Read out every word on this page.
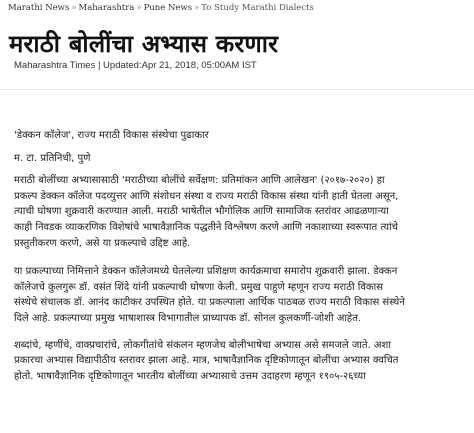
Marathi News » Maharashtra » Pune News » To Study Marathi Dialects
मराठी बोलींचा अभ्यास करणार
Maharashtra Times | Updated:Apr 21, 2018, 05:00AM IST

'डेक्कन कॉलेज', राज्य मराठी विकास संस्थेचा पुढाकार

म. टा. प्रतिनिधी, पुणे

मराठी बोलींच्या अभ्यासासाठी 'मराठीच्या बोलींचे सर्वेक्षण: प्रतिमांकन आणि आलेखन' (२०१७-२०२०) हा

प्रकल्प डेक्कन कॉलेज पदव्युत्तर आणि संशोधन संस्था व राज्य मराठी विकास संस्था यांनी हाती घेतला असून,

त्याची घोषणा शुक्रवारी करण्यात आली. मराठी भाषेतील भौगोलिक आणि सामाजिक स्तरांवर आढळणाऱ्या

काही निवडक व्याकरणिक विशेषांचे भाषावैज्ञानिक पद्धतीने विश्लेषण करणे आणि नकाशाच्या स्वरूपात त्यांचे

प्रस्तुतीकरण करणे, असे या प्रकल्पाचे उद्दिष्ट आहे.

या प्रकल्पाच्या निमित्ताने डेक्कन कॉलेजमध्ये घेतलेल्या प्रशिक्षण कार्यक्रमाचा समारोप शुक्रवारी झाला. डेक्कन

कॉलेजचे कुलगुरू डॉ. वसंत शिंदे यांनी प्रकल्पाची घोषणा केली. प्रमुख पाहुणे म्हणून राज्य मराठी विकास

संस्थेचे संचालक डॉ. आनंद काटीकर उपस्थित होते. या प्रकल्पाला आर्थिक पाठबळ राज्य मराठी विकास संस्थेने

दिले आहे. प्रकल्पाच्या प्रमुख भाषाशास्त्र विभागातील प्राध्यापक डॉ. सोनल कुलकर्णी-जोशी आहेत.

शब्दांचे, म्हणींचे, वाक्प्रचारांचे, लोकगीतांचे संकलन म्हणजेच बोलीभाषेचा अभ्यास असे समजले जाते. अशा

प्रकारचा अभ्यास विद्यापीठीय स्तरावर झाला आहे. मात्र, भाषावैज्ञानिक दृष्टिकोणातून बोलींचा अभ्यास क्वचित

होतो. भाषावैज्ञानिक दृष्टिकोणातून भारतीय बोलींच्या अभ्यासाचे उत्तम उदाहरण म्हणून १९०५-२६च्या
